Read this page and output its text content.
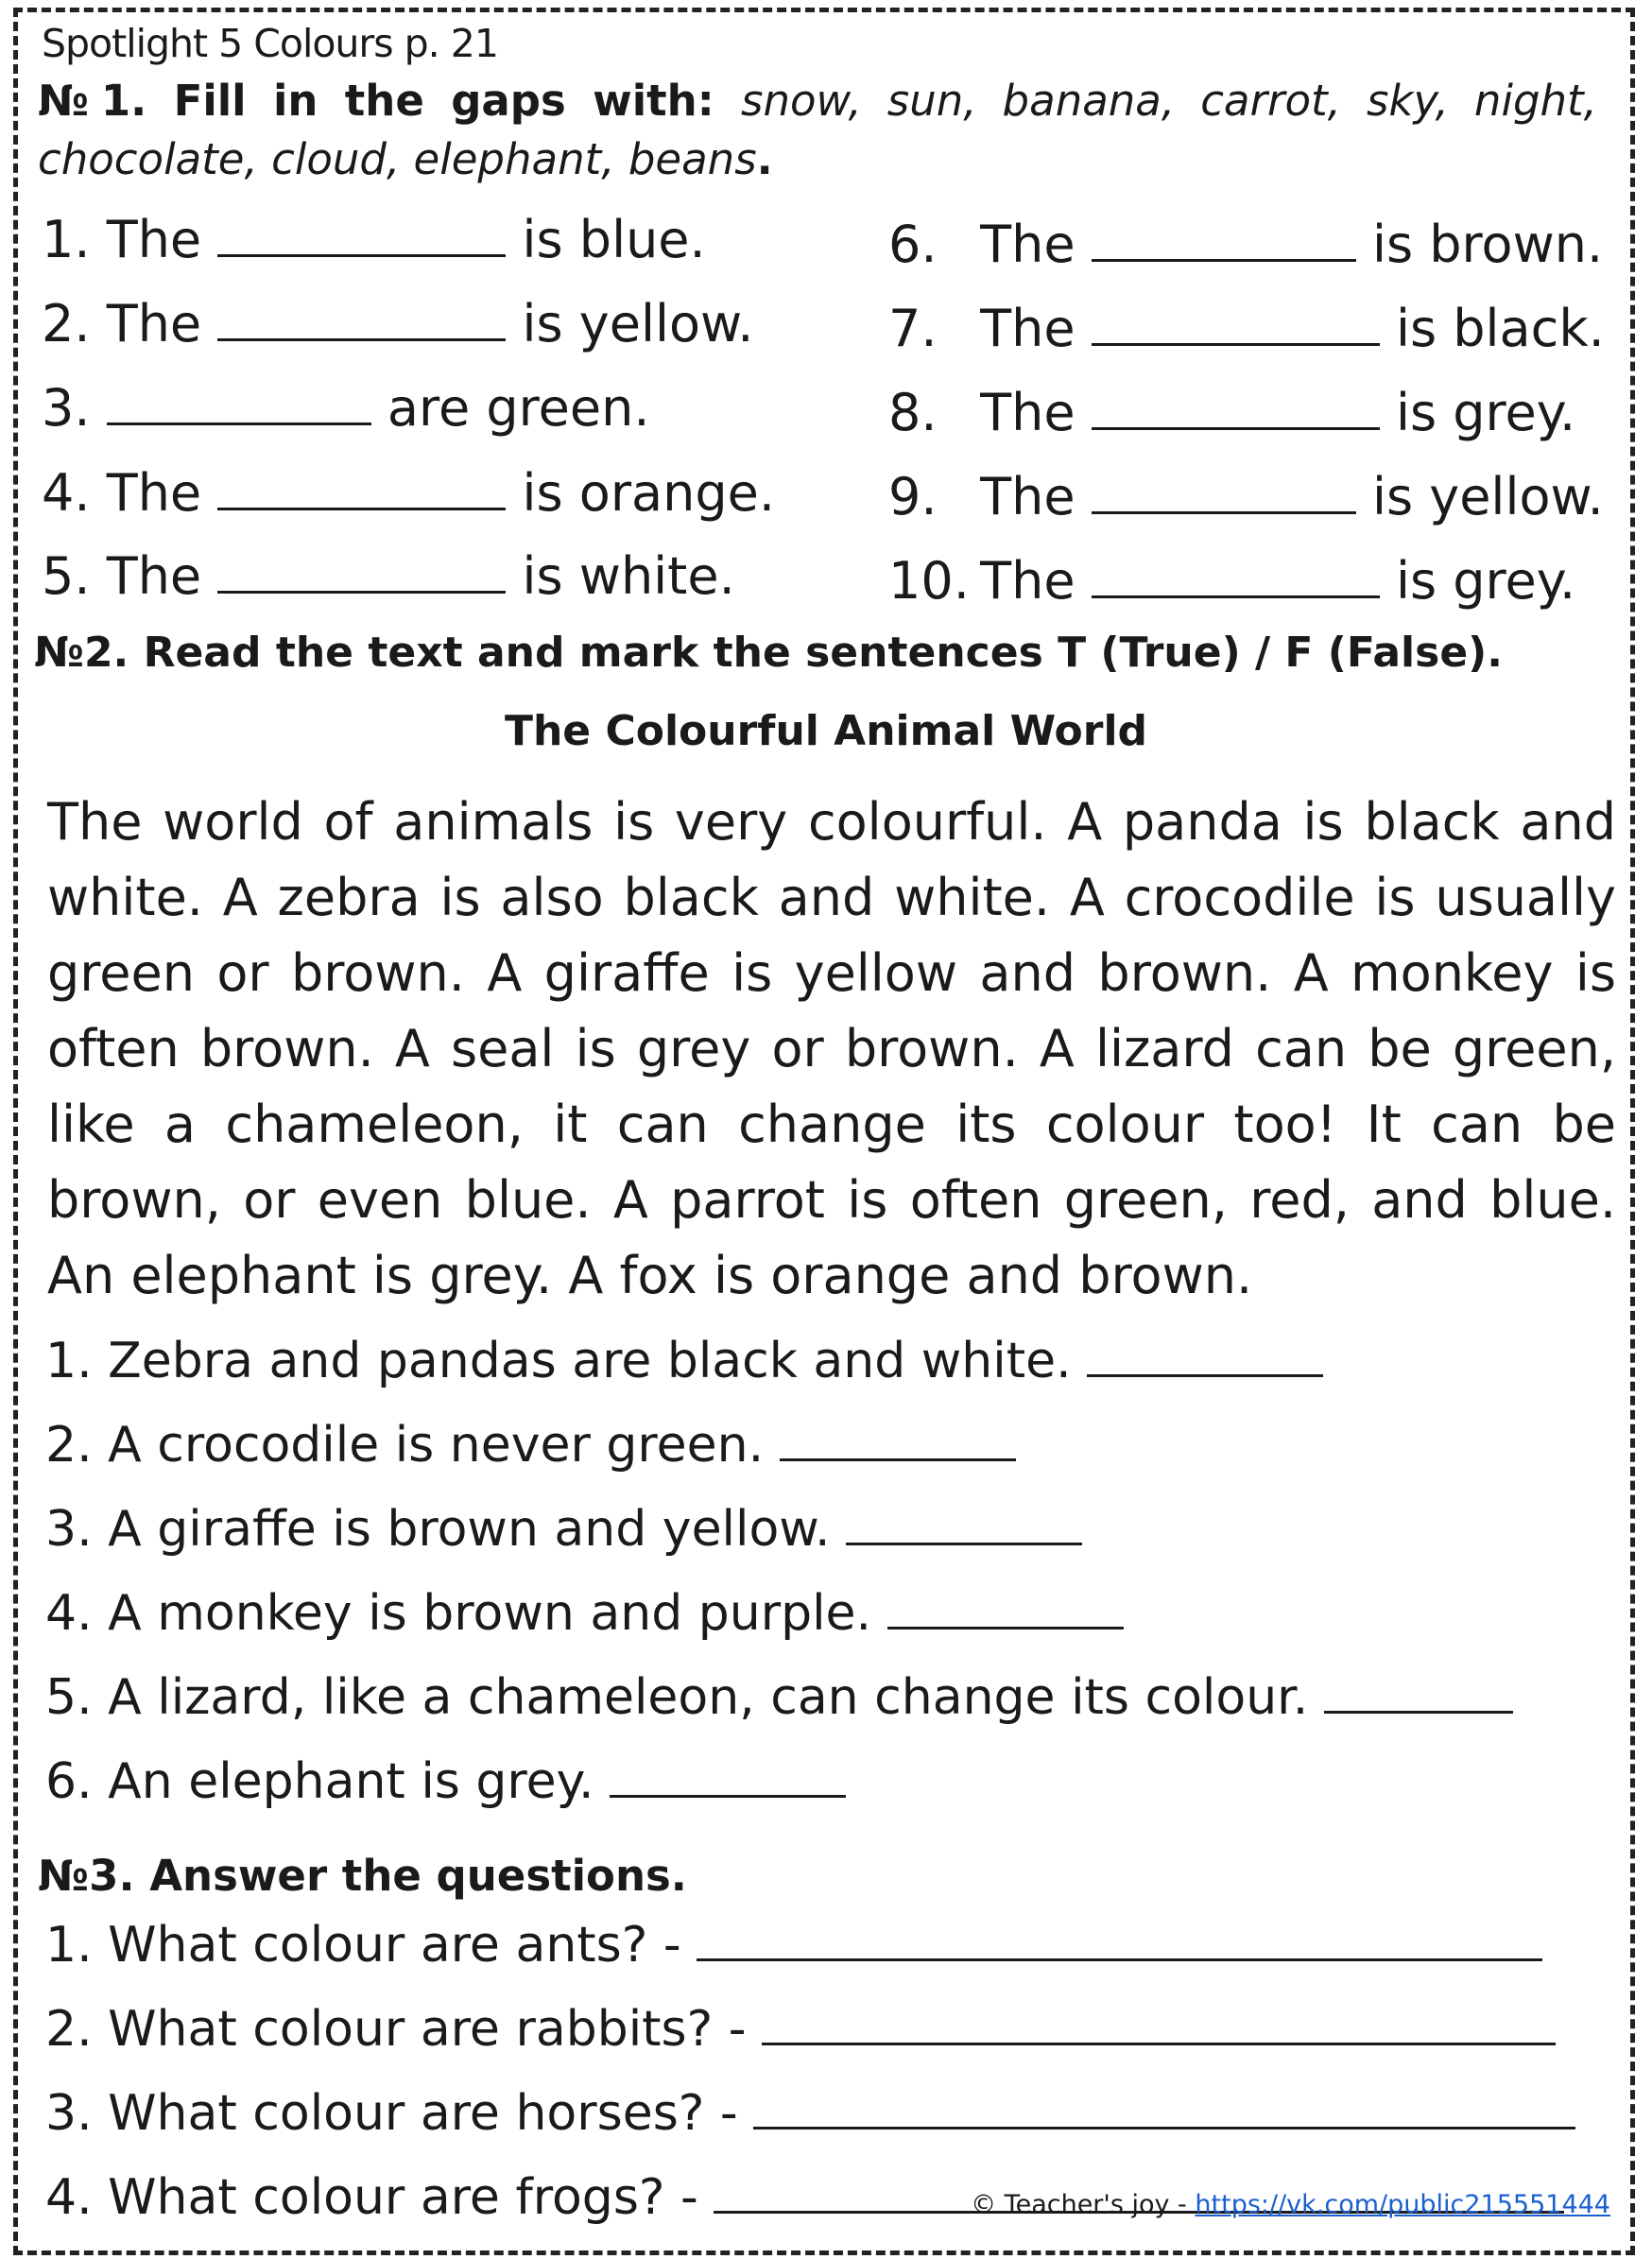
Spotlight 5 Colours p. 21
№1. Fill in the gaps with: snow, sun, banana, carrot, sky, night, chocolate, cloud, elephant, beans.
1. The	is blue.
2. The	is yellow.
3.	are green.
4. The	is orange.
5. The	is white.
6. The	is brown.
7. The	is black.
8. The	is grey.
9. The	is yellow.
10. The	is grey.
№2. Read the text and mark the sentences T (True) / F (False).
The Colourful Animal World
The world of animals is very colourful. A panda is black and white. A zebra is also black and white. A crocodile is usually green or brown. A giraffe is yellow and brown. A monkey is often brown. A seal is grey or brown. A lizard can be green, like a chameleon, it can change its colour too! It can be brown, or even blue. A parrot is often green, red, and blue. An elephant is grey. A fox is orange and brown.
1. Zebra and pandas are black and white.
2. A crocodile is never green.
3. A giraffe is brown and yellow.
4. A monkey is brown and purple.
5. A lizard, like a chameleon, can change its colour.
6. An elephant is grey.
№3. Answer the questions.
1. What colour are ants? -
2. What colour are rabbits? -
3. What colour are horses? -
4. What colour are frogs? -	© Teacher's joy - https://vk.com/public215551444
